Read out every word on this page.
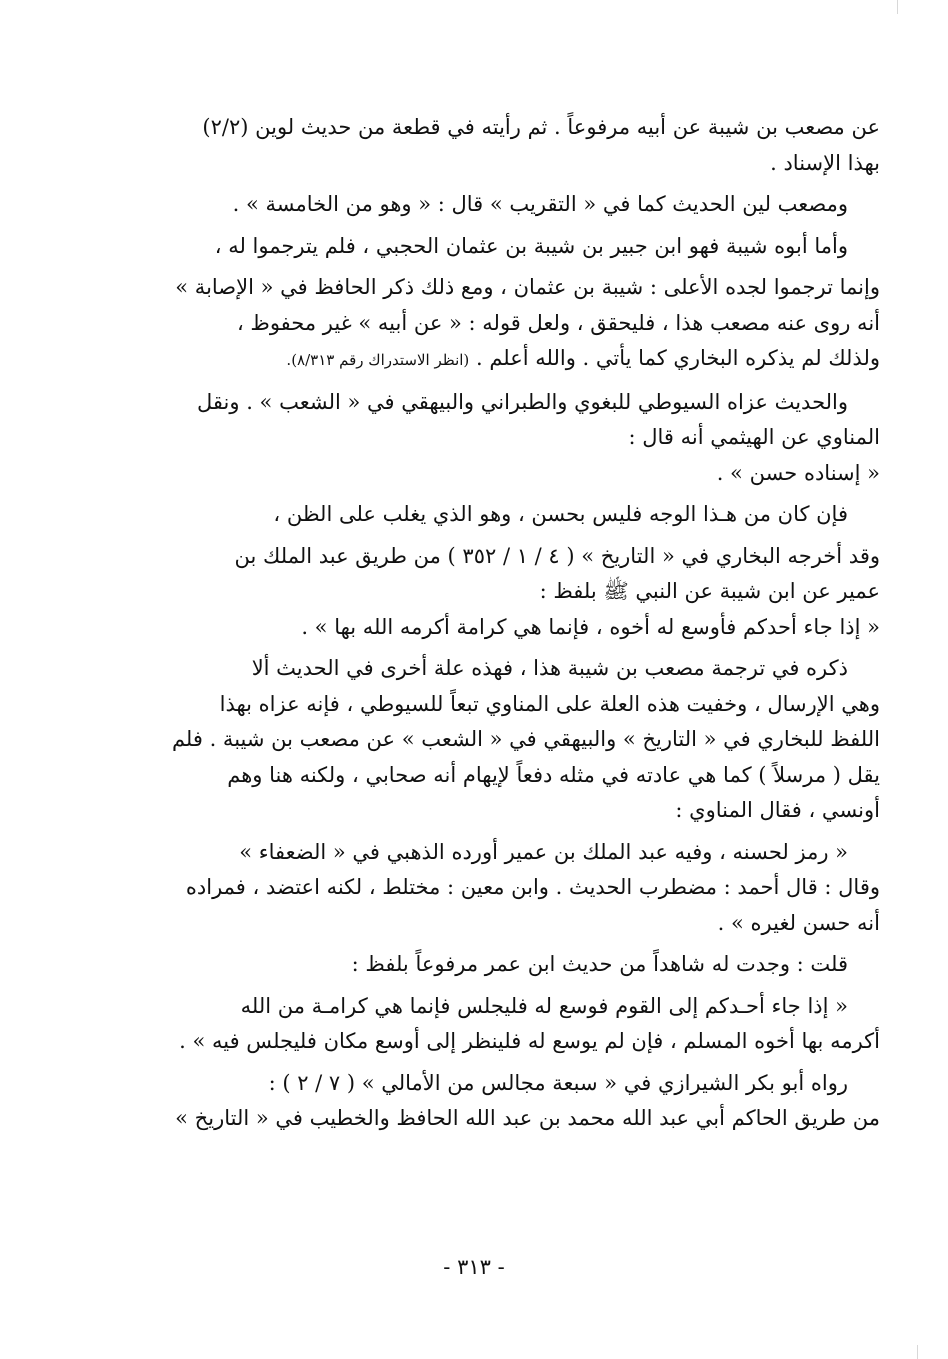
عن مصعب بن شيبة عن أبيه مرفوعاً . ثم رأيته في قطعة من حديث لوين (٢/٢)
بهذا الإسناد .
ومصعب لين الحديث كما في « التقريب » قال : « وهو من الخامسة » .
وأما أبوه شيبة فهو ابن جبير بن شيبة بن عثمان الحجبي ، فلم يترجموا له ،
وإنما ترجموا لجده الأعلى : شيبة بن عثمان ، ومع ذلك ذكر الحافظ في « الإصابة »
أنه روى عنه مصعب هذا ، فليحقق ، ولعل قوله : « عن أبيه » غير محفوظ ،
ولذلك لم يذكره البخاري كما يأتي . والله أعلم . (انظر الاستدراك رقم ٨/٣١٣).
والحديث عزاه السيوطي للبغوي والطبراني والبيهقي في « الشعب » . ونقل
المناوي عن الهيثمي أنه قال :
« إسناده حسن » .
فإن كان من هـذا الوجه فليس بحسن ، وهو الذي يغلب على الظن ،
وقد أخرجه البخاري في « التاريخ » ( ٤ / ١ / ٣٥٢ ) من طريق عبد الملك بن
عمير عن ابن شيبة عن النبي ﷺ بلفظ :
« إذا جاء أحدكم فأوسع له أخوه ، فإنما هي كرامة أكرمه الله بها » .
ذكره في ترجمة مصعب بن شيبة هذا ، فهذه علة أخرى في الحديث ألا
وهي الإرسال ، وخفيت هذه العلة على المناوي تبعاً للسيوطي ، فإنه عزاه بهذا
اللفظ للبخاري في « التاريخ » والبيهقي في « الشعب » عن مصعب بن شيبة . فلم
يقل ( مرسلاً ) كما هي عادته في مثله دفعاً لإيهام أنه صحابي ، ولكنه هنا وهم
أونسي ، فقال المناوي :
« رمز لحسنه ، وفيه عبد الملك بن عمير أورده الذهبي في « الضعفاء »
وقال : قال أحمد : مضطرب الحديث . وابن معين : مختلط ، لكنه اعتضد ، فمراده
أنه حسن لغيره » .
قلت : وجدت له شاهداً من حديث ابن عمر مرفوعاً بلفظ :
« إذا جاء أحـدكم إلى القوم فوسع له فليجلس فإنما هي كرامـة من الله
أكرمه بها أخوه المسلم ، فإن لم يوسع له فلينظر إلى أوسع مكان فليجلس فيه » .
رواه أبو بكر الشيرازي في « سبعة مجالس من الأمالي » ( ٧ / ٢ ) :
من طريق الحاكم أبي عبد الله محمد بن عبد الله الحافظ والخطيب في « التاريخ »
- ٣١٣ -
